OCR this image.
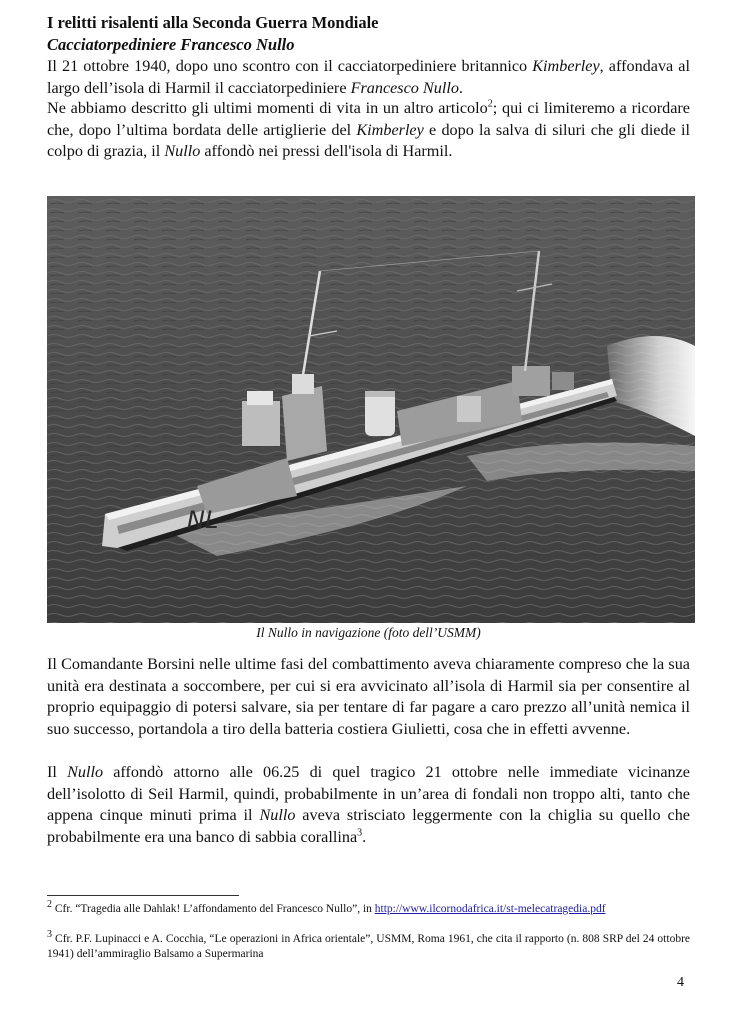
I relitti risalenti alla Seconda Guerra Mondiale
Cacciatorpediniere Francesco Nullo

Il 21 ottobre 1940, dopo uno scontro con il cacciatorpediniere britannico Kimberley, affondava al largo dell’isola di Harmil il cacciatorpediniere Francesco Nullo.

Ne abbiamo descritto gli ultimi momenti di vita in un altro articolo$^2$; qui ci limiteremo a ricordare che, dopo l’ultima bordata delle artiglierie del Kimberley e dopo la salva di siluri che gli diede il colpo di grazia, il Nullo affondò nei pressi dell'isola di Harmil.

NL
Il Nullo in navigazione (foto dell’USMM)

Il Comandante Borsini nelle ultime fasi del combattimento aveva chiaramente compreso che la sua unità era destinata a soccombere, per cui si era avvicinato all’isola di Harmil sia per consentire al proprio equipaggio di potersi salvare, sia per tentare di far pagare a caro prezzo all’unità nemica il suo successo, portandola a tiro della batteria costiera Giulietti, cosa che in effetti avvenne.

Il Nullo affondò attorno alle 06.25 di quel tragico 21 ottobre nelle immediate vicinanze dell’isolotto di Seil Harmil, quindi, probabilmente in un’area di fondali non troppo alti, tanto che appena cinque minuti prima il Nullo aveva strisciato leggermente con la chiglia su quello che probabilmente era una banco di sabbia corallina$^3$.

$^2$ Cfr. “Tragedia alle Dahlak! L’affondamento del Francesco Nullo”, in http://www.ilcornodafrica.it/st-melecatragedia.pdf

$^3$ Cfr. P.F. Lupinacci e A. Cocchia, “Le operazioni in Africa orientale”, USMM, Roma 1961, che cita il rapporto (n. 808 SRP del 24 ottobre 1941) dell’ammiraglio Balsamo a Supermarina

4
